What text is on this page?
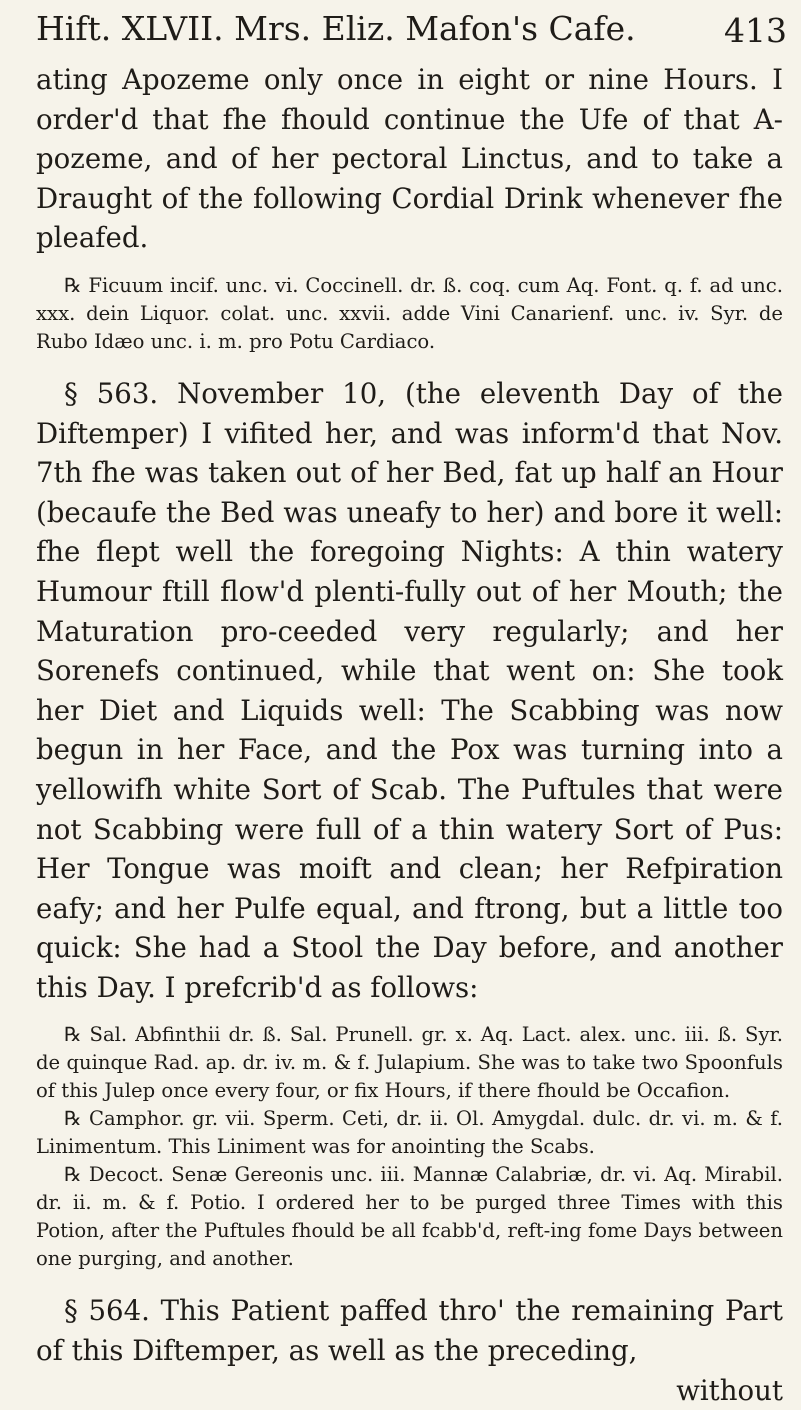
Hift. XLVII. Mrs. Eliz. Mafon's Cafe.	413

ating Apozeme only once in eight or nine Hours. I order'd that fhe fhould continue the Ufe of that A-pozeme, and of her pectoral Linctus, and to take a Draught of the following Cordial Drink whenever fhe pleafed.

℞ Ficuum incif. unc. vi. Coccinell. dr. ß. coq. cum Aq. Font. q. f. ad unc. xxx. dein Liquor. colat. unc. xxvii. adde Vini Canarienf. unc. iv. Syr. de Rubo Idæo unc. i. m. pro Potu Cardiaco.

§ 563. November 10, (the eleventh Day of the Diftemper) I vifited her, and was inform'd that Nov. 7th fhe was taken out of her Bed, fat up half an Hour (becaufe the Bed was uneafy to her) and bore it well: fhe flept well the foregoing Nights: A thin watery Humour ftill flow'd plenti-fully out of her Mouth; the Maturation pro-ceeded very regularly; and her Sorenefs continued, while that went on: She took her Diet and Liquids well: The Scabbing was now begun in her Face, and the Pox was turning into a yellowifh white Sort of Scab. The Puftules that were not Scabbing were full of a thin watery Sort of Pus: Her Tongue was moift and clean; her Refpiration eafy; and her Pulfe equal, and ftrong, but a little too quick: She had a Stool the Day before, and another this Day. I prefcrib'd as follows:

℞ Sal. Abfinthii dr. ß. Sal. Prunell. gr. x. Aq. Lact. alex. unc. iii. ß. Syr. de quinque Rad. ap. dr. iv. m. & f. Julapium. She was to take two Spoonfuls of this Julep once every four, or fix Hours, if there fhould be Occafion.

℞ Camphor. gr. vii. Sperm. Ceti, dr. ii. Ol. Amygdal. dulc. dr. vi. m. & f. Linimentum. This Liniment was for anointing the Scabs.

℞ Decoct. Senæ Gereonis unc. iii. Mannæ Calabriæ, dr. vi. Aq. Mirabil. dr. ii. m. & f. Potio. I ordered her to be purged three Times with this Potion, after the Puftules fhould be all fcabb'd, reft-ing fome Days between one purging, and another.

§ 564. This Patient paffed thro' the remaining Part of this Diftemper, as well as the preceding,

without
